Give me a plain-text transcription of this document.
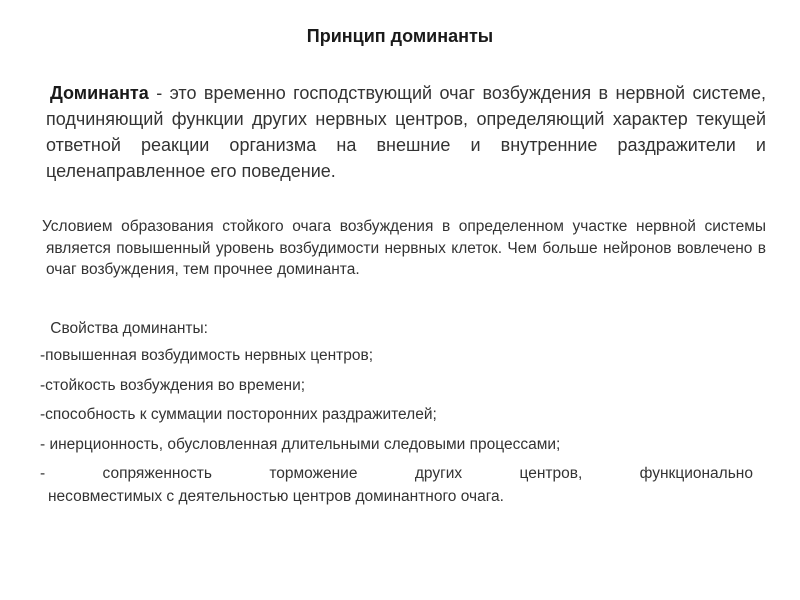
Принцип доминанты
Доминанта - это временно господствующий очаг возбуждения в нервной системе, подчиняющий функции других нервных центров, определяющий характер текущей ответной реакции организма на внешние и внутренние раздражители и целенаправленное его поведение.
Условием образования стойкого очага возбуждения в определенном участке нервной системы является повышенный уровень возбудимости нервных клеток. Чем больше нейронов вовлечено в очаг возбуждения, тем прочнее доминанта.
Свойства доминанты:
-повышенная возбудимость нервных центров;
-стойкость возбуждения во времени;
-способность к суммации посторонних раздражителей;
- инерционность, обусловленная длительными следовыми процессами;
-	сопряженность	торможение	других	центров,	функционально
несовместимых с деятельностью центров доминантного очага.
